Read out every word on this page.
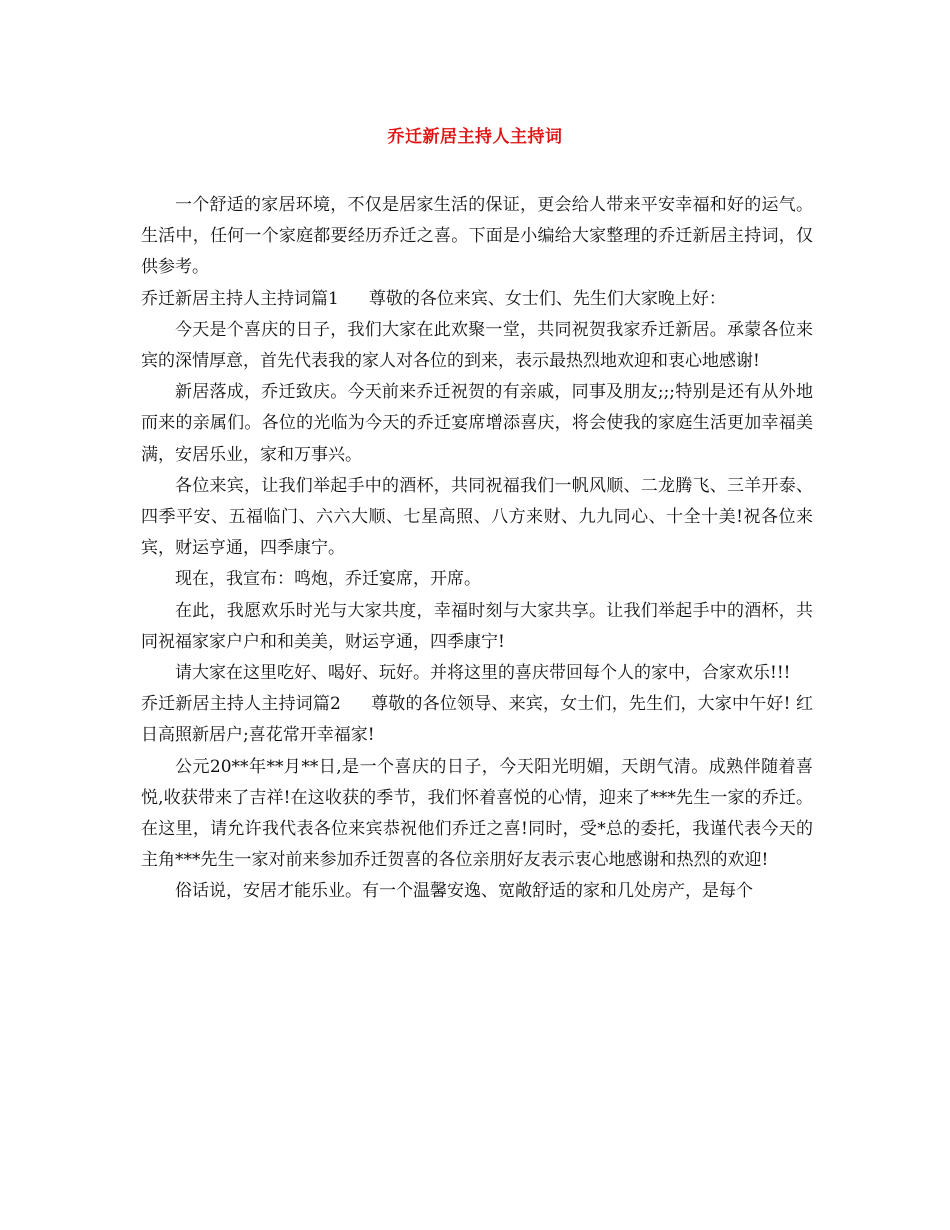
乔迁新居主持人主持词

一个舒适的家居环境，不仅是居家生活的保证，更会给人带来平安幸福和好的运气。生活中，任何一个家庭都要经历乔迁之喜。下面是小编给大家整理的乔迁新居主持词，仅供参考。

乔迁新居主持人主持词篇1 尊敬的各位来宾、女士们、先生们大家晚上好：

今天是个喜庆的日子，我们大家在此欢聚一堂，共同祝贺我家乔迁新居。承蒙各位来宾的深情厚意，首先代表我的家人对各位的到来，表示最热烈地欢迎和衷心地感谢!

新居落成，乔迁致庆。今天前来乔迁祝贺的有亲戚，同事及朋友;;;特别是还有从外地而来的亲属们。各位的光临为今天的乔迁宴席增添喜庆，将会使我的家庭生活更加幸福美满，安居乐业，家和万事兴。

各位来宾，让我们举起手中的酒杯，共同祝福我们一帆风顺、二龙腾飞、三羊开泰、四季平安、五福临门、六六大顺、七星高照、八方来财、九九同心、十全十美!祝各位来宾，财运亨通，四季康宁。

现在，我宣布：鸣炮，乔迁宴席，开席。

在此，我愿欢乐时光与大家共度，幸福时刻与大家共享。让我们举起手中的酒杯，共同祝福家家户户和和美美，财运亨通，四季康宁!

请大家在这里吃好、喝好、玩好。并将这里的喜庆带回每个人的家中，合家欢乐!!!

乔迁新居主持人主持词篇2 尊敬的各位领导、来宾，女士们，先生们，大家中午好! 红日高照新居户;喜花常开幸福家!

公元20**年**月**日,是一个喜庆的日子，今天阳光明媚，天朗气清。成熟伴随着喜悦,收获带来了吉祥!在这收获的季节，我们怀着喜悦的心情，迎来了***先生一家的乔迁。在这里，请允许我代表各位来宾恭祝他们乔迁之喜!同时，受*总的委托，我谨代表今天的主角***先生一家对前来参加乔迁贺喜的各位亲朋好友表示衷心地感谢和热烈的欢迎!

俗话说，安居才能乐业。有一个温馨安逸、宽敞舒适的家和几处房产，是每个
